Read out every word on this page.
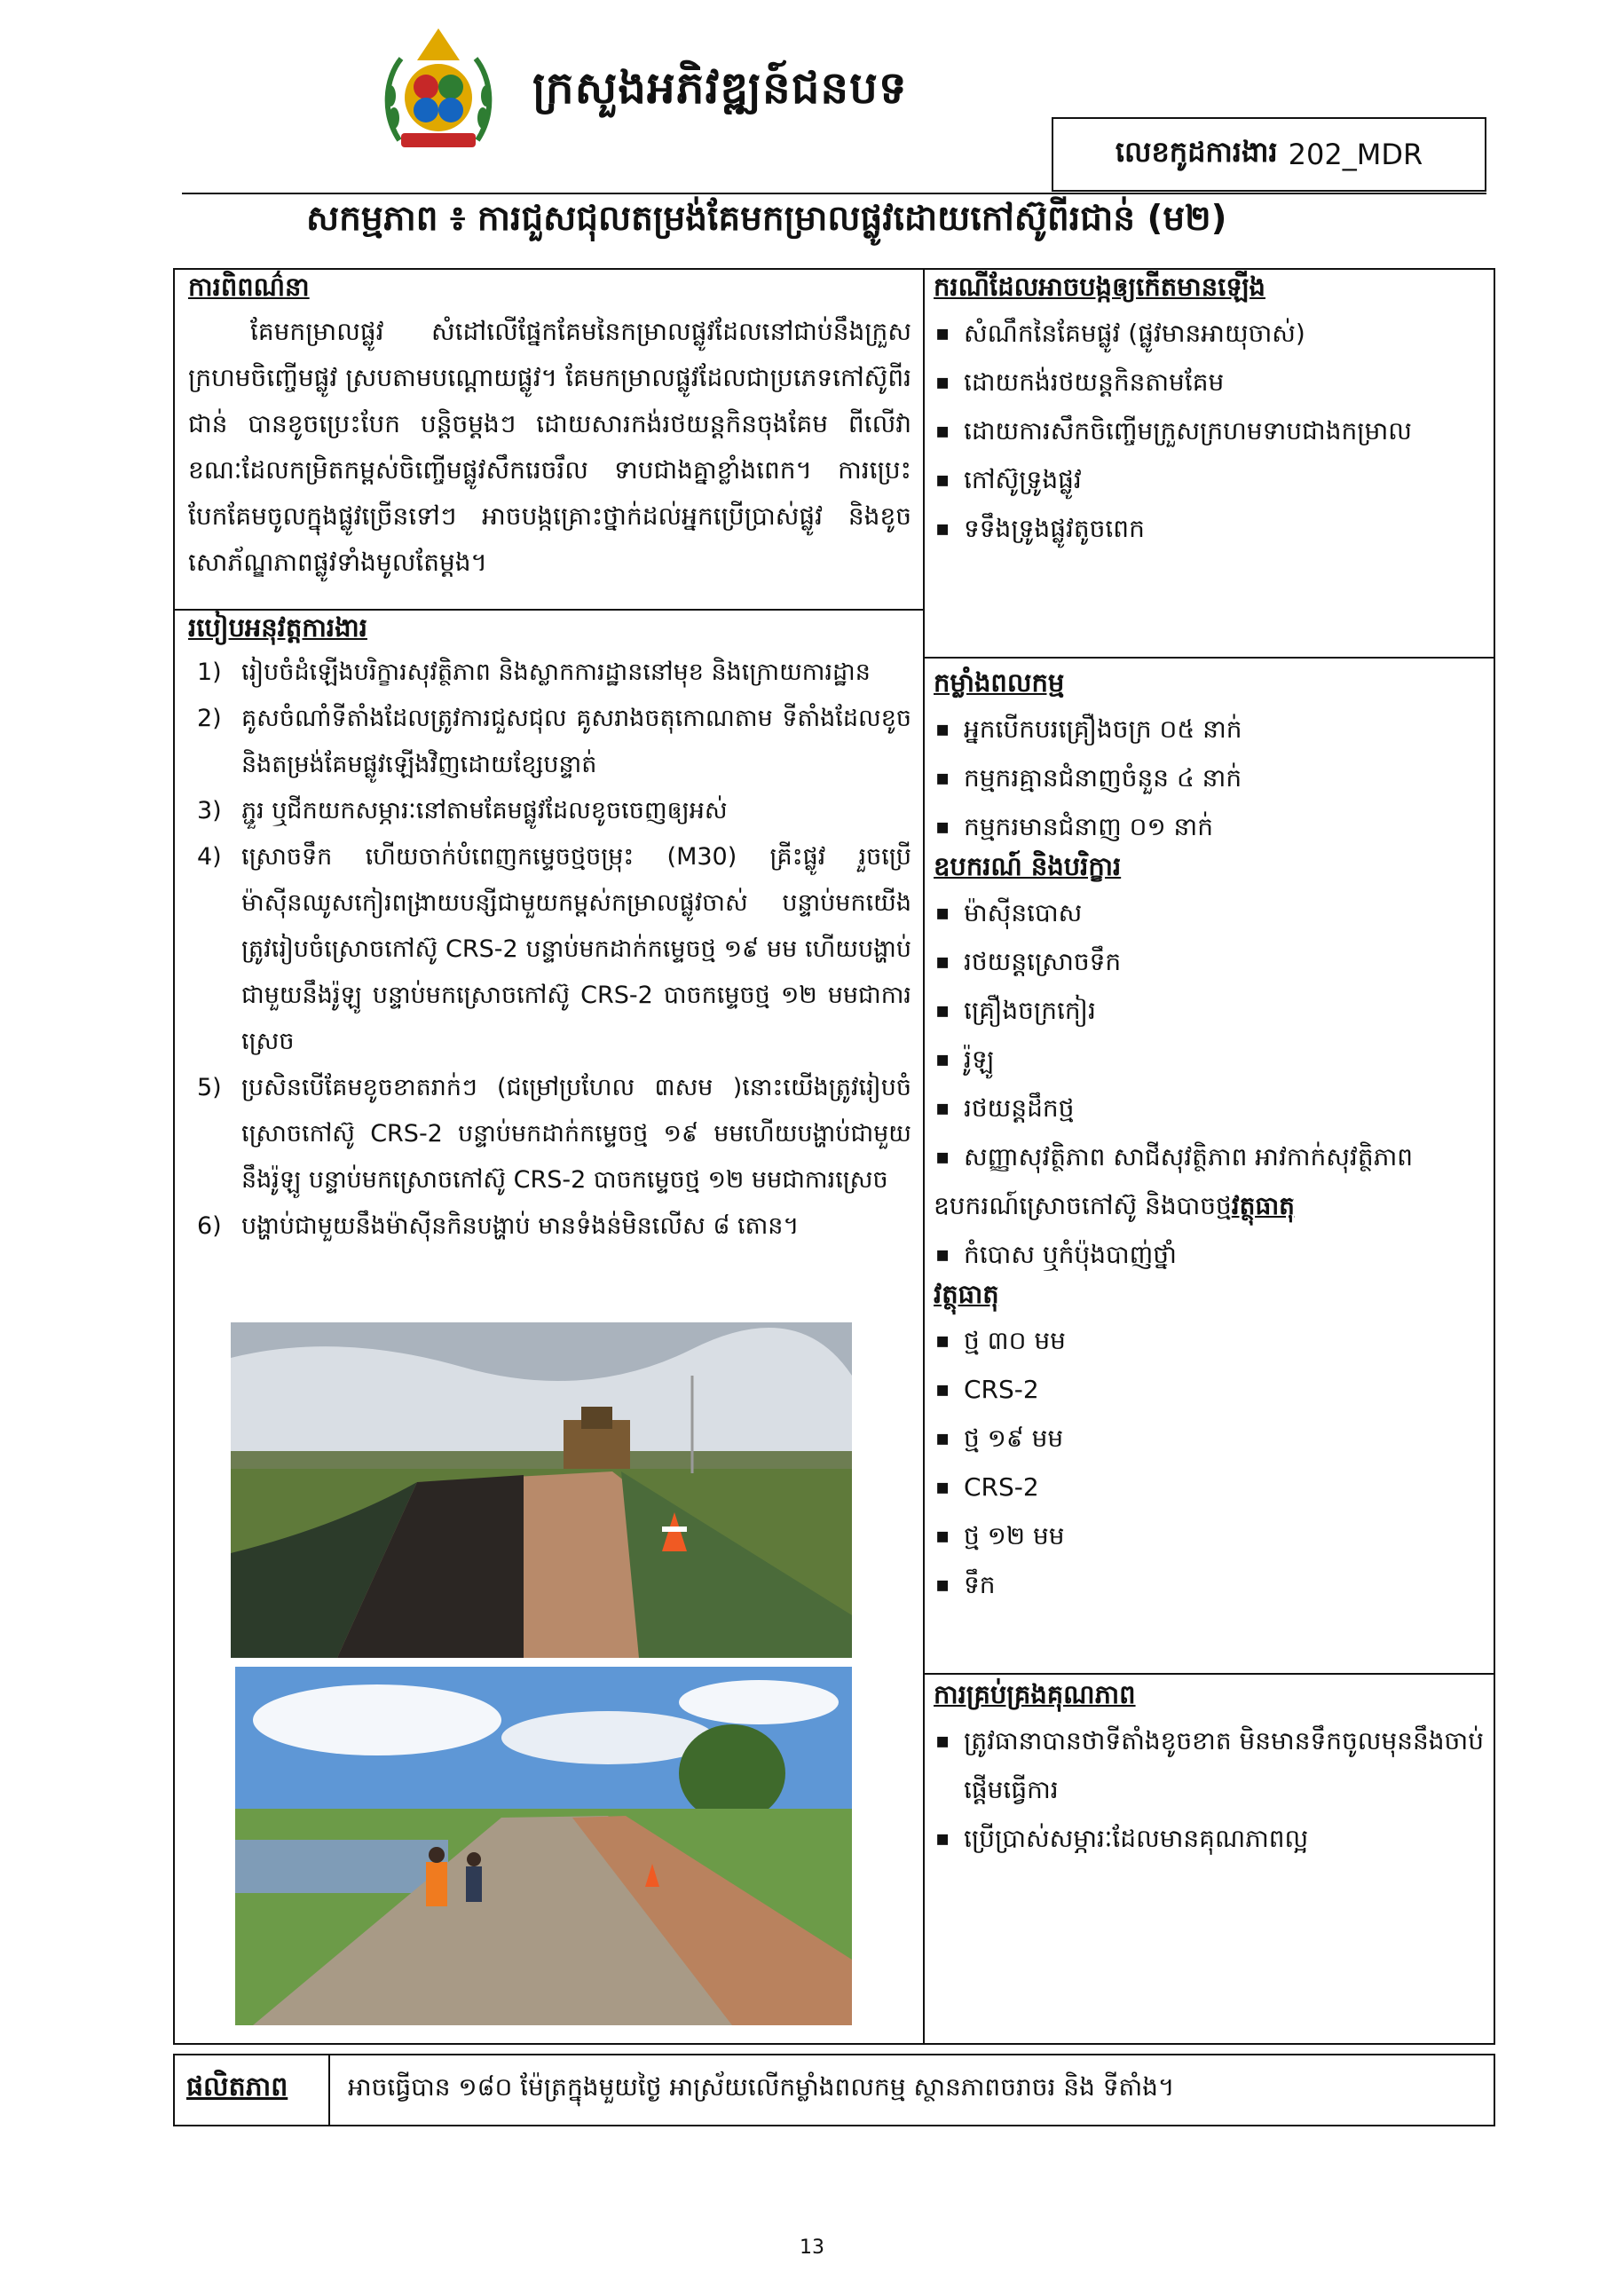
ក្រសួងអភិវឌ្ឍន៍ជនបទ
លេខកូដការងារ 202_MDR
សកម្មភាព ៖ ការជួសជុលតម្រង់គែមកម្រាលផ្លូវដោយកៅស៊ូពីរជាន់ (ម២)
ការពិពណ៌នា
គែមកម្រាលផ្លូវ សំដៅលើផ្នែកគែមនៃកម្រាលផ្លូវដែលនៅជាប់នឹងក្រួសក្រហមចិញ្ចើមផ្លូវ ស្របតាមបណ្តោយផ្លូវ។ គែមកម្រាលផ្លូវដែលជាប្រភេទកៅស៊ូពីរជាន់ បានខូចប្រេះបែក បន្តិចម្តងៗ ដោយសារកង់រថយន្តកិនចុងគែម ពីលើវា ខណៈដែលកម្រិតកម្ពស់ចិញ្ចើមផ្លូវសឹករេចរឹល ទាបជាងគ្នាខ្លាំងពេក។ ការប្រេះបែកគែមចូលក្នុងផ្លូវច្រើនទៅៗ អាចបង្កគ្រោះថ្នាក់ដល់អ្នកប្រើប្រាស់ផ្លូវ និងខូចសោភ័ណ្ឌភាពផ្លូវទាំងមូលតែម្តង។
របៀបអនុវត្តការងារ
1) រៀបចំដំឡើងបរិក្ខារសុវត្ថិភាព និងស្លាកការដ្ឋាននៅមុខ និងក្រោយការដ្ឋាន
2) គូសចំណាំទីតាំងដែលត្រូវការជួសជុល គូសរាងចតុកោណតាម ទីតាំងដែលខូច និងតម្រង់គែមផ្លូវឡើងវិញដោយខ្សែបន្ទាត់
3) ភ្ជួរ ឬជីកយកសម្ភារៈនៅតាមគែមផ្លូវដែលខូចចេញឲ្យអស់
4) ស្រោចទឹក ហើយចាក់បំពេញកម្ទេចថ្មចម្រុះ (M30) គ្រីះផ្លូវ រួចប្រើម៉ាស៊ីនឈូសកៀរពង្រាយបន្សីជាមួយកម្ពស់កម្រាលផ្លូវចាស់ បន្ទាប់មកយើងត្រូវរៀបចំស្រោចកៅស៊ូ CRS-2 បន្ទាប់មកដាក់កម្ទេចថ្ម ១៩ មម ហើយបង្ហាប់ជាមួយនឹងរ៉ូឡូ បន្ទាប់មកស្រោចកៅស៊ូ CRS-2 បាចកម្ទេចថ្ម ១២ មមជាការស្រេច
5) ប្រសិនបើគែមខូចខាតរាក់ៗ (ជម្រៅប្រហែល ៣សម )នោះយើងត្រូវរៀបចំស្រោចកៅស៊ូ CRS-2 បន្ទាប់មកដាក់កម្ទេចថ្ម ១៩ មមហើយបង្ហាប់ជាមួយនឹងរ៉ូឡូ បន្ទាប់មកស្រោចកៅស៊ូ CRS-2 បាចកម្ទេចថ្ម ១២ មមជាការស្រេច
6) បង្ហាប់ជាមួយនឹងម៉ាស៊ីនកិនបង្ហាប់ មានទំងន់មិនលើស ៨ តោន។
ករណីដែលអាចបង្កឲ្យកើតមានឡើង
▪ សំណឹកនៃគែមផ្លូវ (ផ្លូវមានអាយុចាស់)
▪ ដោយកង់រថយន្តកិនតាមគែម
▪ ដោយការសឹកចិញ្ចើមក្រួសក្រហមទាបជាងកម្រាល
▪ កៅស៊ូទ្រូងផ្លូវ
▪ ទទឹងទ្រូងផ្លូវតូចពេក
កម្លាំងពលកម្ម
▪ អ្នកបើកបរគ្រឿងចក្រ ០៥ នាក់
▪ កម្មករគ្មានជំនាញចំនួន ៤ នាក់
▪ កម្មករមានជំនាញ ០១ នាក់
ឧបករណ៍ និងបរិក្ខារ
▪ ម៉ាស៊ីនបោស
▪ រថយន្តស្រោចទឹក
▪ គ្រឿងចក្រកៀរ
▪ រ៉ូឡូ
▪ រថយន្តដឹកថ្ម
▪ សញ្ញាសុវត្ថិភាព សាជីសុវត្ថិភាព អាវកាក់សុវត្ថិភាព
ឧបករណ៍ស្រោចកៅស៊ូ និងបាចថ្មវត្ថុធាតុ
▪ កំបោស ឬកំប៉ុងបាញ់ថ្នាំ
វត្ថុធាតុ
▪ ថ្ម ៣០ មម
▪ CRS-2
▪ ថ្ម ១៩ មម
▪ CRS-2
▪ ថ្ម ១២ មម
▪ ទឹក
ការគ្រប់គ្រងគុណភាព
▪ ត្រូវធានាបានថាទីតាំងខូចខាត មិនមានទឹកចូលមុននឹងចាប់ផ្តើមធ្វើការ
▪ ប្រើប្រាស់សម្ភារៈដែលមានគុណភាពល្អ
ផលិតភាព អាចធ្វើបាន ១៨០ ម៉ែត្រក្នុងមួយថ្ងៃ អាស្រ័យលើកម្លាំងពលកម្ម ស្ថានភាពចរាចរ និង ទីតាំង។
13
